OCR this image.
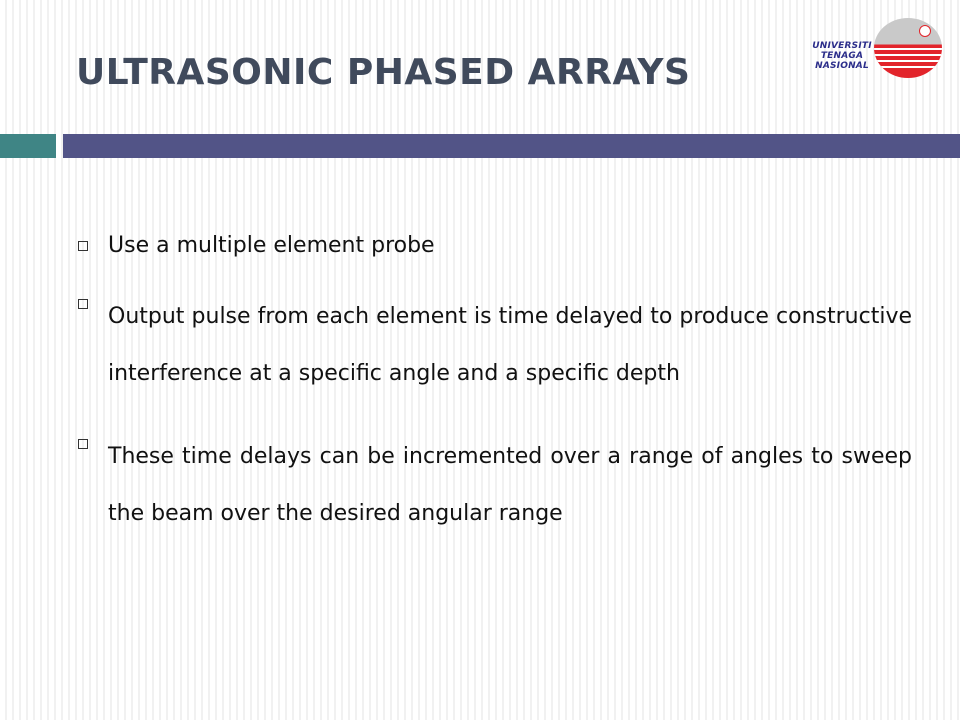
ULTRASONIC PHASED ARRAYS
UNIVERSITI
TENAGA
NASIONAL
Use a multiple element probe
Output pulse from each element is time delayed to produce constructive interference at a specific angle and a specific depth
These time delays can be incremented over a range of angles to sweep the beam over the desired angular range
